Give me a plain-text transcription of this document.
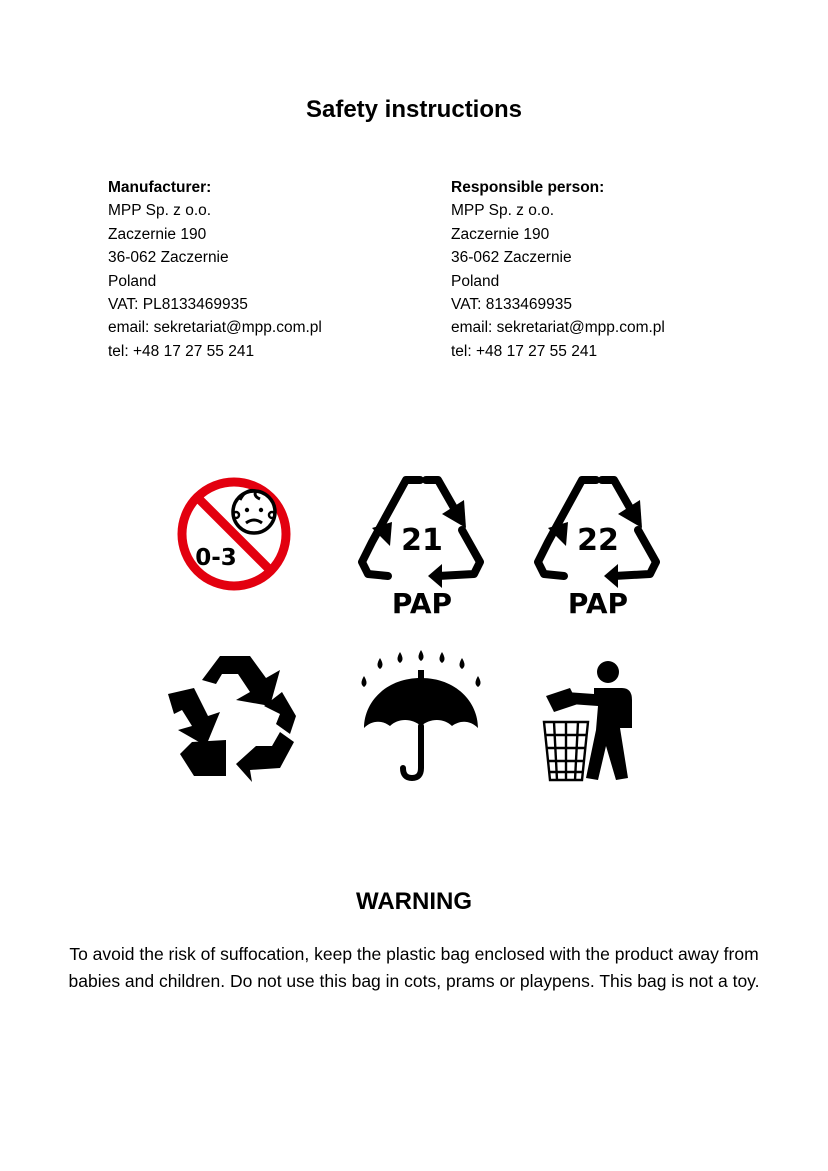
Safety instructions
Manufacturer:
MPP Sp. z o.o.
Zaczernie 190
36-062 Zaczernie
Poland
VAT: PL8133469935
email: sekretariat@mpp.com.pl
tel: +48 17 27 55 241
Responsible person:
MPP Sp. z o.o.
Zaczernie 190
36-062 Zaczernie
Poland
VAT: 8133469935
email: sekretariat@mpp.com.pl
tel: +48 17 27 55 241
0-3	21
PAP
22
PAP
WARNING
To avoid the risk of suffocation, keep the plastic bag enclosed with the product away from babies and children. Do not use this bag in cots, prams or playpens. This bag is not a toy.
